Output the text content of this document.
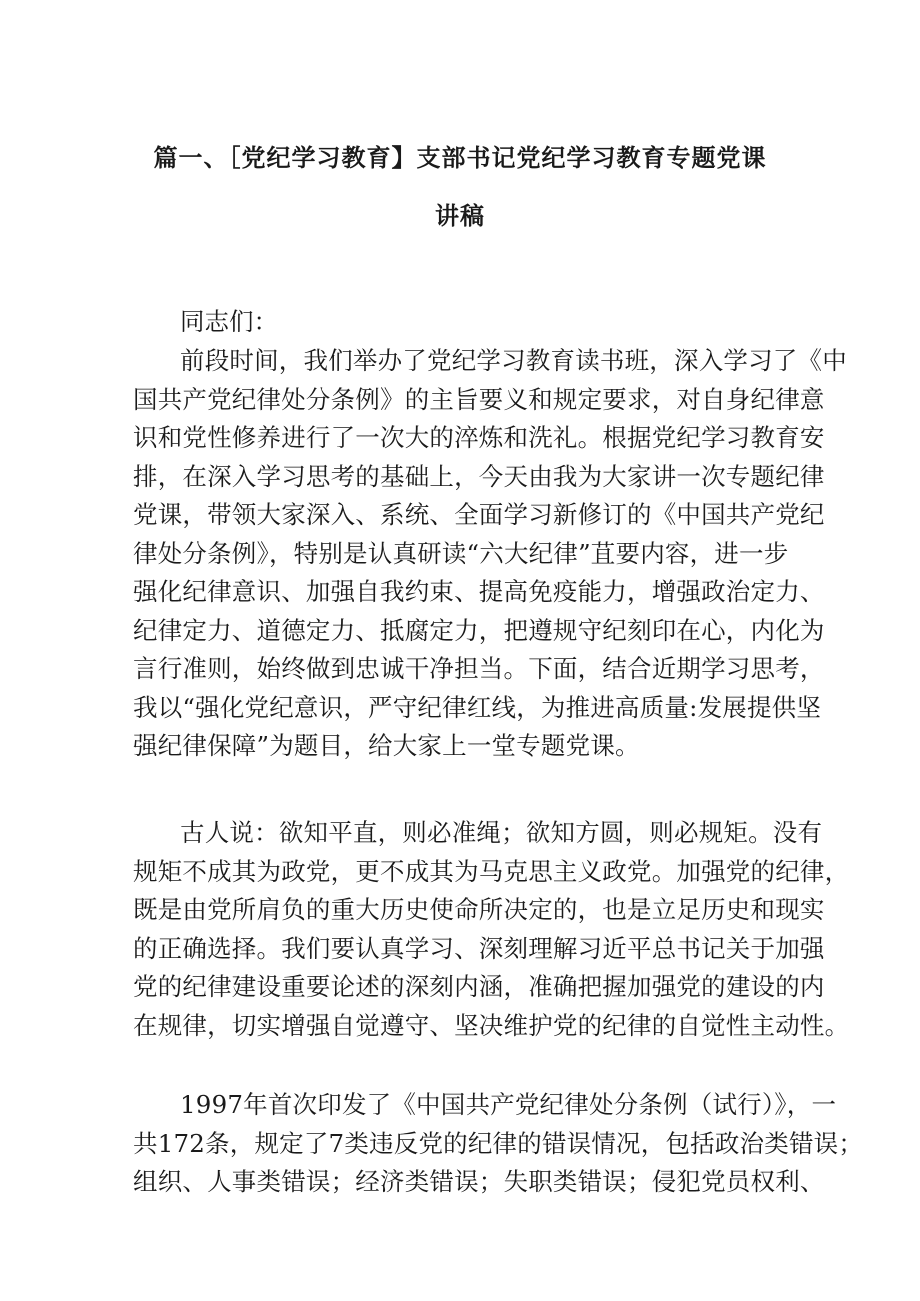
篇一、［党纪学习教育】支部书记党纪学习教育专题党课
讲稿
同志们：
前段时间，我们举办了党纪学习教育读书班，深入学习了《中
国共产党纪律处分条例》的主旨要义和规定要求，对自身纪律意
识和党性修养进行了一次大的淬炼和洗礼。根据党纪学习教育安
排，在深入学习思考的基础上，今天由我为大家讲一次专题纪律
党课，带领大家深入、系统、全面学习新修订的《中国共产党纪
律处分条例》，特别是认真研读“六大纪律”苴要内容，进一步
强化纪律意识、加强自我约束、提高免疫能力，增强政治定力、
纪律定力、道德定力、抵腐定力，把遵规守纪刻印在心，内化为
言行准则，始终做到忠诚干净担当。下面，结合近期学习思考，
我以“强化党纪意识，严守纪律红线，为推进高质量:发展提供坚
强纪律保障”为题目，给大家上一堂专题党课。
古人说：欲知平直，则必准绳；欲知方圆，则必规矩。没有
规矩不成其为政党，更不成其为马克思主义政党。加强党的纪律，
既是由党所肩负的重大历史使命所决定的，也是立足历史和现实
的正确选择。我们要认真学习、深刻理解习近平总书记关于加强
党的纪律建设重要论述的深刻内涵，准确把握加强党的建设的内
在规律，切实增强自觉遵守、坚决维护党的纪律的自觉性主动性。
1997年首次印发了《中国共产党纪律处分条例（试行）》，一
共172条，规定了7类违反党的纪律的错误情况，包括政治类错误；
组织、人事类错误；经济类错误；失职类错误；侵犯党员权利、
